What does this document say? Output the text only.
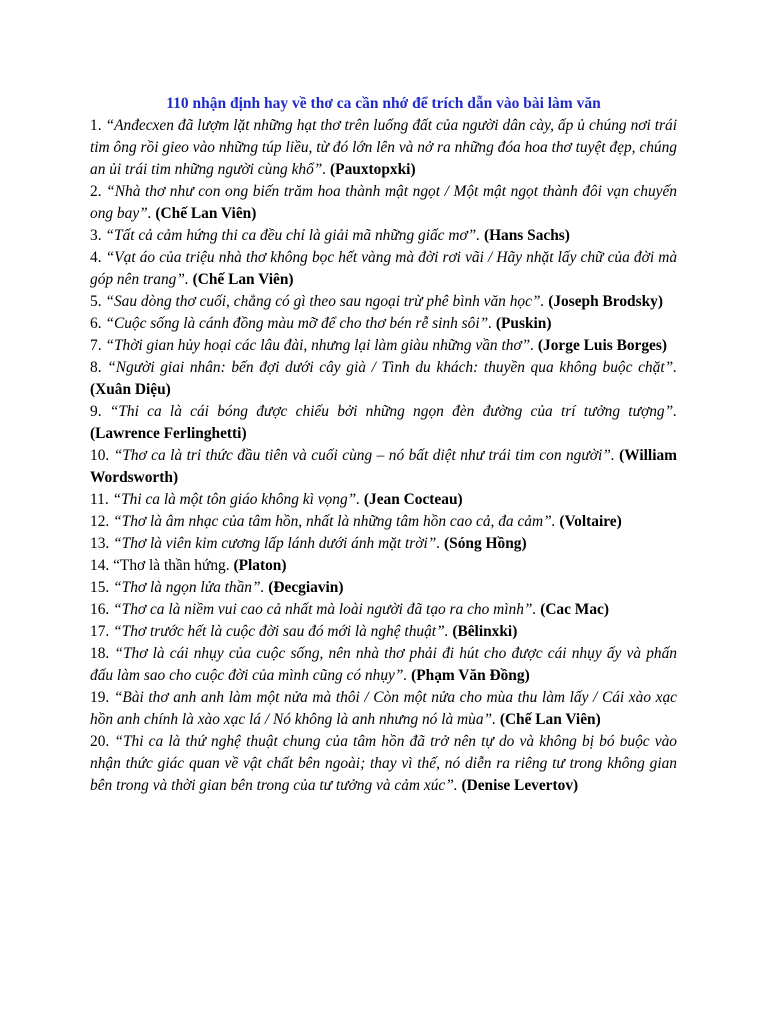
110 nhận định hay về thơ ca cần nhớ để trích dẫn vào bài làm văn
1. “Anđecxen đã lượm lặt những hạt thơ trên luống đất của người dân cày, ấp ủ chúng nơi trái tim ông rồi gieo vào những túp liều, từ đó lớn lên và nở ra những đóa hoa thơ tuyệt đẹp, chúng an ủi trái tim những người cùng khổ”. (Pauxtopxki)
2. “Nhà thơ như con ong biến trăm hoa thành mật ngọt / Một mật ngọt thành đôi vạn chuyến ong bay”. (Chế Lan Viên)
3. “Tất cả cảm hứng thi ca đều chỉ là giải mã những giấc mơ”. (Hans Sachs)
4. “Vạt áo của triệu nhà thơ không bọc hết vàng mà đời rơi vãi / Hãy nhặt lấy chữ của đời mà góp nên trang”. (Chế Lan Viên)
5. “Sau dòng thơ cuối, chẳng có gì theo sau ngoại trừ phê bình văn học”. (Joseph Brodsky)
6. “Cuộc sống là cánh đồng màu mỡ để cho thơ bén rễ sinh sôi”. (Puskin)
7. “Thời gian hủy hoại các lâu đài, nhưng lại làm giàu những vần thơ”. (Jorge Luis Borges)
8. “Người giai nhân: bến đợi dưới cây già / Tình du khách: thuyền qua không buộc chặt”. (Xuân Diệu)
9. “Thi ca là cái bóng được chiếu bởi những ngọn đèn đường của trí tưởng tượng”. (Lawrence Ferlinghetti)
10. “Thơ ca là tri thức đầu tiên và cuối cùng – nó bất diệt như trái tim con người”. (William Wordsworth)
11. “Thi ca là một tôn giáo không kì vọng”. (Jean Cocteau)
12. “Thơ là âm nhạc của tâm hồn, nhất là những tâm hồn cao cả, đa cảm”. (Voltaire)
13. “Thơ là viên kim cương lấp lánh dưới ánh mặt trời”. (Sóng Hồng)
14. “Thơ là thần hứng. (Platon)
15. “Thơ là ngọn lửa thần”. (Đecgiavin)
16. “Thơ ca là niềm vui cao cả nhất mà loài người đã tạo ra cho mình”. (Cac Mac)
17. “Thơ trước hết là cuộc đời sau đó mới là nghệ thuật”. (Bêlinxki)
18. “Thơ là cái nhụy của cuộc sống, nên nhà thơ phải đi hút cho được cái nhụy ấy và phấn đấu làm sao cho cuộc đời của mình cũng có nhụy”. (Phạm Văn Đồng)
19. “Bài thơ anh anh làm một nửa mà thôi / Còn một nửa cho mùa thu làm lấy / Cái xào xạc hồn anh chính là xào xạc lá / Nó không là anh nhưng nó là mùa”. (Chế Lan Viên)
20. “Thi ca là thứ nghệ thuật chung của tâm hồn đã trở nên tự do và không bị bó buộc vào nhận thức giác quan về vật chất bên ngoài; thay vì thế, nó diễn ra riêng tư trong không gian bên trong và thời gian bên trong của tư tưởng và cảm xúc”. (Denise Levertov)
